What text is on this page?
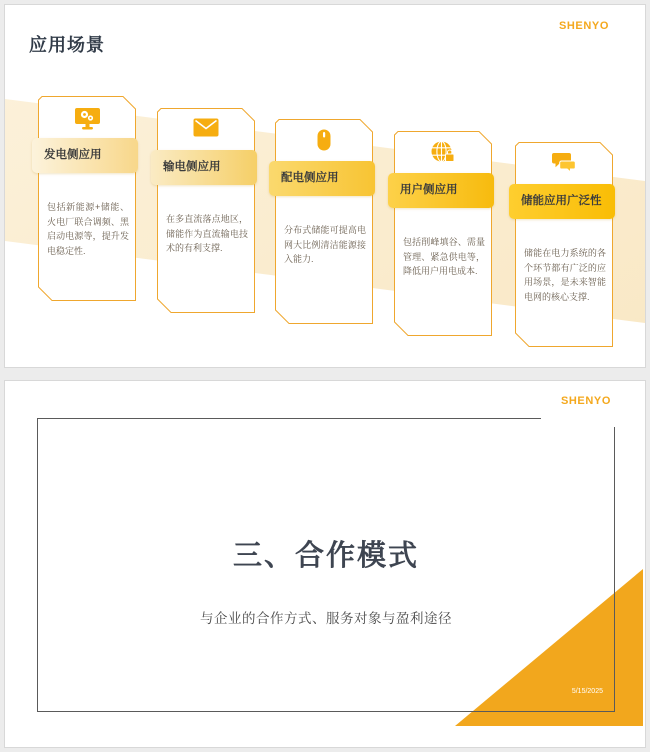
应用场景
SHENYO
发电侧应用
包括新能源+储能、火电厂联合调频、黑启动电源等，提升发电稳定性.
输电侧应用
在多直流落点地区，储能作为直流输电技术的有利支撑.
配电侧应用
分布式储能可提高电网大比例清洁能源接入能力.
用户侧应用
包括削峰填谷、需量管理、紧急供电等，降低用户用电成本.
储能应用广泛性
储能在电力系统的各个环节都有广泛的应用场景，是未来智能电网的核心支撑.
SHENYO
三、合作模式
与企业的合作方式、服务对象与盈利途径
5/15/2025
